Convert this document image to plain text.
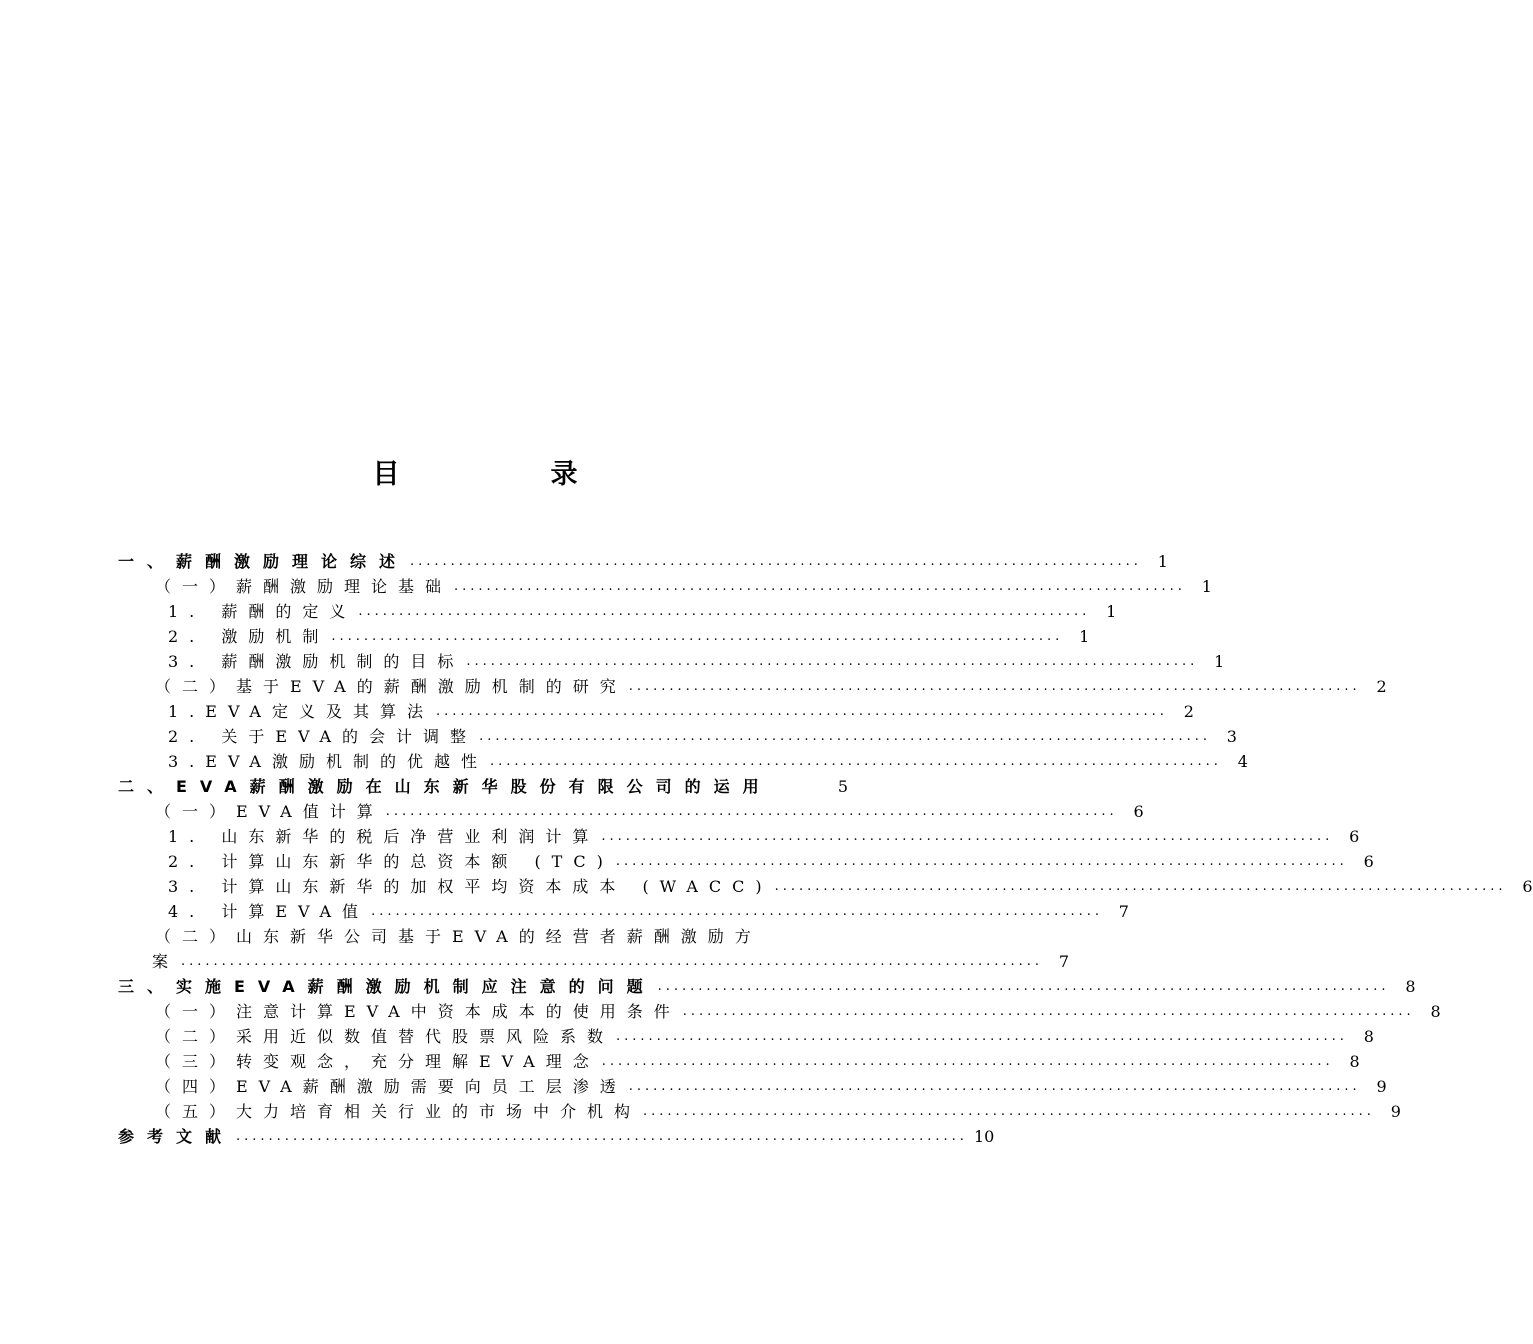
目　录
一、薪酬激励理论综述 .......................................................................................... 1
（一）薪酬激励理论基础 .......................................................................................... 1
1. 薪酬的定义 .......................................................................................... 1
2. 激励机制 .......................................................................................... 1
3. 薪酬激励机制的目标 .......................................................................................... 1
（二）基于EVA的薪酬激励机制的研究 .......................................................................................... 2
1.EVA定义及其算法 .......................................................................................... 2
2. 关于EVA的会计调整 .......................................................................................... 3
3.EVA激励机制的优越性 .......................................................................................... 4
二、EVA薪酬激励在山东新华股份有限公司的运用	5
（一）EVA值计算 .......................................................................................... 6
1. 山东新华的税后净营业利润计算 .......................................................................................... 6
2. 计算山东新华的总资本额 (TC) .......................................................................................... 6
3. 计算山东新华的加权平均资本成本 (WACC) .......................................................................................... 6
4. 计算EVA值 .......................................................................................... 7
（二）山东新华公司基于EVA的经营者薪酬激励方
案 .......................................................................................................... 7
三、实施EVA薪酬激励机制应注意的问题 .......................................................................................... 8
（一）注意计算EVA中资本成本的使用条件 .......................................................................................... 8
（二）采用近似数值替代股票风险系数 .......................................................................................... 8
（三）转变观念，充分理解EVA理念 .......................................................................................... 8
（四）EVA薪酬激励需要向员工层渗透 .......................................................................................... 9
（五）大力培育相关行业的市场中介机构 .......................................................................................... 9
参考文献 .......................................................................................... 10
